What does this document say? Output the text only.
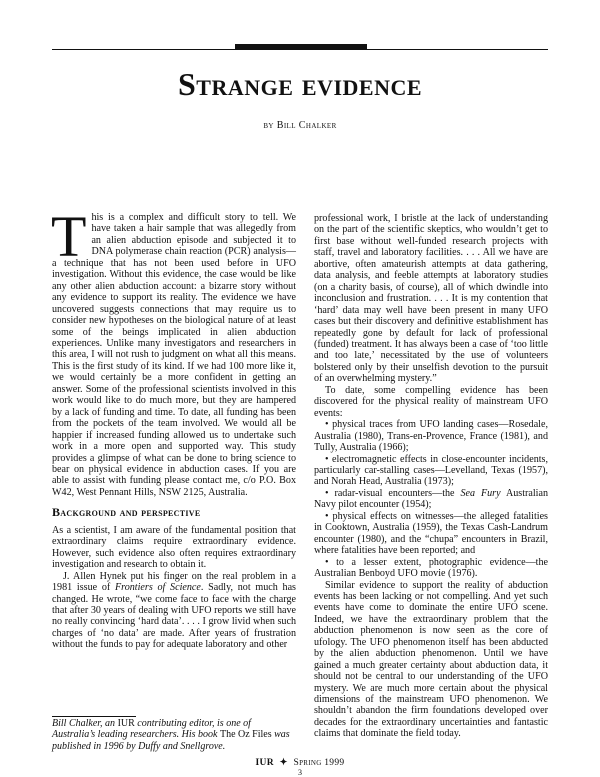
Strange evidence
by Bill Chalker

This is a complex and difficult story to tell. We have taken a hair sample that was allegedly from an alien abduction episode and subjected it to DNA polymerase chain reaction (PCR) analysis—a technique that has not been used before in UFO investigation. Without this evidence, the case would be like any other alien abduction account: a bizarre story without any evidence to support its reality. The evidence we have uncovered suggests connections that may require us to consider new hypotheses on the biological nature of at least some of the beings implicated in alien abduction experiences. Unlike many investigators and researchers in this area, I will not rush to judgment on what all this means. This is the first study of its kind. If we had 100 more like it, we would certainly be a more confident in getting an answer. Some of the professional scientists involved in this work would like to do much more, but they are hampered by a lack of funding and time. To date, all funding has been from the pockets of the team involved. We would all be happier if increased funding allowed us to undertake such work in a more open and supported way. This study provides a glimpse of what can be done to bring science to bear on physical evidence in abduction cases. If you are able to assist with funding please contact me, c/o P.O. Box W42, West Pennant Hills, NSW 2125, Australia.

Background and perspective

As a scientist, I am aware of the fundamental position that extraordinary claims require extraordinary evidence. However, such evidence also often requires extraordinary investigation and research to obtain it.

J. Allen Hynek put his finger on the real problem in a 1981 issue of Frontiers of Science. Sadly, not much has changed. He wrote, “we come face to face with the charge that after 30 years of dealing with UFO reports we still have no really convincing ‘hard data’. . . . I grow livid when such charges of ‘no data’ are made. After years of frustration without the funds to pay for adequate laboratory and other

professional work, I bristle at the lack of understanding on the part of the scientific skeptics, who wouldn’t get to first base without well-funded research projects with staff, travel and laboratory facilities. . . . All we have are abortive, often amateurish attempts at data gathering, data analysis, and feeble attempts at laboratory studies (on a charity basis, of course), all of which dwindle into inconclusion and frustration. . . . It is my contention that ‘hard’ data may well have been present in many UFO cases but their discovery and definitive establishment has repeatedly gone by default for lack of professional (funded) treatment. It has always been a case of ‘too little and too late,’ necessitated by the use of volunteers bolstered only by their unselfish devotion to the pursuit of an overwhelming mystery.”

To date, some compelling evidence has been discovered for the physical reality of mainstream UFO events:

• physical traces from UFO landing cases—Rosedale, Australia (1980), Trans-en-Provence, France (1981), and Tully, Australia (1966);

• electromagnetic effects in close-encounter incidents, particularly car-stalling cases—Levelland, Texas (1957), and Norah Head, Australia (1973);

• radar-visual encounters—the Sea Fury Australian Navy pilot encounter (1954);

• physical effects on witnesses—the alleged fatalities in Cooktown, Australia (1959), the Texas Cash-Landrum encounter (1980), and the “chupa” encounters in Brazil, where fatalities have been reported; and

• to a lesser extent, photographic evidence—the Australian Benboyd UFO movie (1976).

Similar evidence to support the reality of abduction events has been lacking or not compelling. And yet such events have come to dominate the entire UFO scene. Indeed, we have the extraordinary problem that the abduction phenomenon is now seen as the core of ufology. The UFO phenomenon itself has been abducted by the alien abduction phenomenon. Until we have gained a much greater certainty about abduction data, it should not be central to our understanding of the UFO mystery. We are much more certain about the physical dimensions of the mainstream UFO phenomenon. We shouldn’t abandon the firm foundations developed over decades for the extraordinary uncertainties and fantastic claims that dominate the field today.

Bill Chalker, an IUR contributing editor, is one of Australia’s leading researchers. His book The Oz Files was published in 1996 by Duffy and Snellgrove.
IUR ✦ Spring 1999
3
